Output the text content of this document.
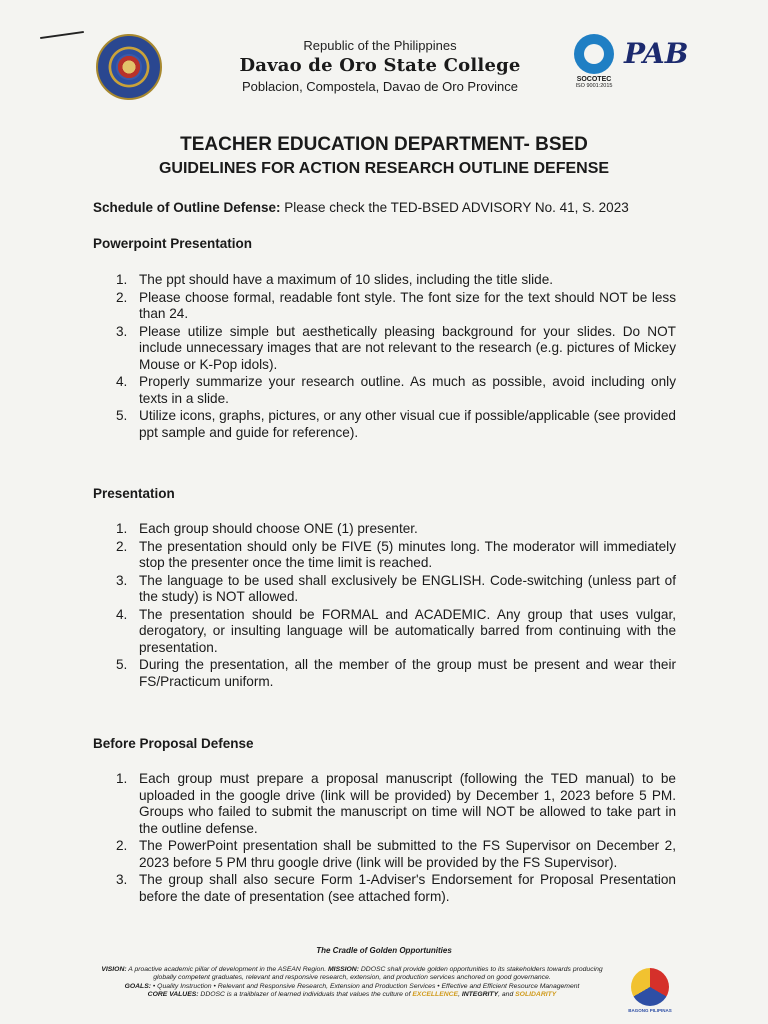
Republic of the Philippines
Davao de Oro State College
Poblacion, Compostela, Davao de Oro Province	SOCOTEC
ISO 9001:2015
PAB
TEACHER EDUCATION DEPARTMENT- BSED
GUIDELINES FOR ACTION RESEARCH OUTLINE DEFENSE
Schedule of Outline Defense: Please check the TED-BSED ADVISORY No. 41, S. 2023
Powerpoint Presentation
1. The ppt should have a maximum of 10 slides, including the title slide.
2. Please choose formal, readable font style. The font size for the text should NOT be less than 24.
3. Please utilize simple but aesthetically pleasing background for your slides. Do NOT include unnecessary images that are not relevant to the research (e.g. pictures of Mickey Mouse or K-Pop idols).
4. Properly summarize your research outline. As much as possible, avoid including only texts in a slide.
5. Utilize icons, graphs, pictures, or any other visual cue if possible/applicable (see provided ppt sample and guide for reference).
Presentation
1. Each group should choose ONE (1) presenter.
2. The presentation should only be FIVE (5) minutes long. The moderator will immediately stop the presenter once the time limit is reached.
3. The language to be used shall exclusively be ENGLISH. Code-switching (unless part of the study) is NOT allowed.
4. The presentation should be FORMAL and ACADEMIC. Any group that uses vulgar, derogatory, or insulting language will be automatically barred from continuing with the presentation.
5. During the presentation, all the member of the group must be present and wear their FS/Practicum uniform.
Before Proposal Defense
1. Each group must prepare a proposal manuscript (following the TED manual) to be uploaded in the google drive (link will be provided) by December 1, 2023 before 5 PM. Groups who failed to submit the manuscript on time will NOT be allowed to take part in the outline defense.
2. The PowerPoint presentation shall be submitted to the FS Supervisor on December 2, 2023 before 5 PM thru google drive (link will be provided by the FS Supervisor).
3. The group shall also secure Form 1-Adviser's Endorsement for Proposal Presentation before the date of presentation (see attached form).
The Cradle of Golden Opportunities
VISION: A proactive academic pillar of development in the ASEAN Region. MISSION: DDOSC shall provide golden opportunities to its stakeholders towards producing globally competent graduates, relevant and responsive research, extension, and production services anchored on good governance.
GOALS: • Quality Instruction • Relevant and Responsive Research, Extension and Production Services • Effective and Efficient Resource Management
CORE VALUES: DDOSC is a trailblazer of learned individuals that values the culture of EXCELLENCE, INTEGRITY, and SOLIDARITY
BAGONG PILIPINAS
